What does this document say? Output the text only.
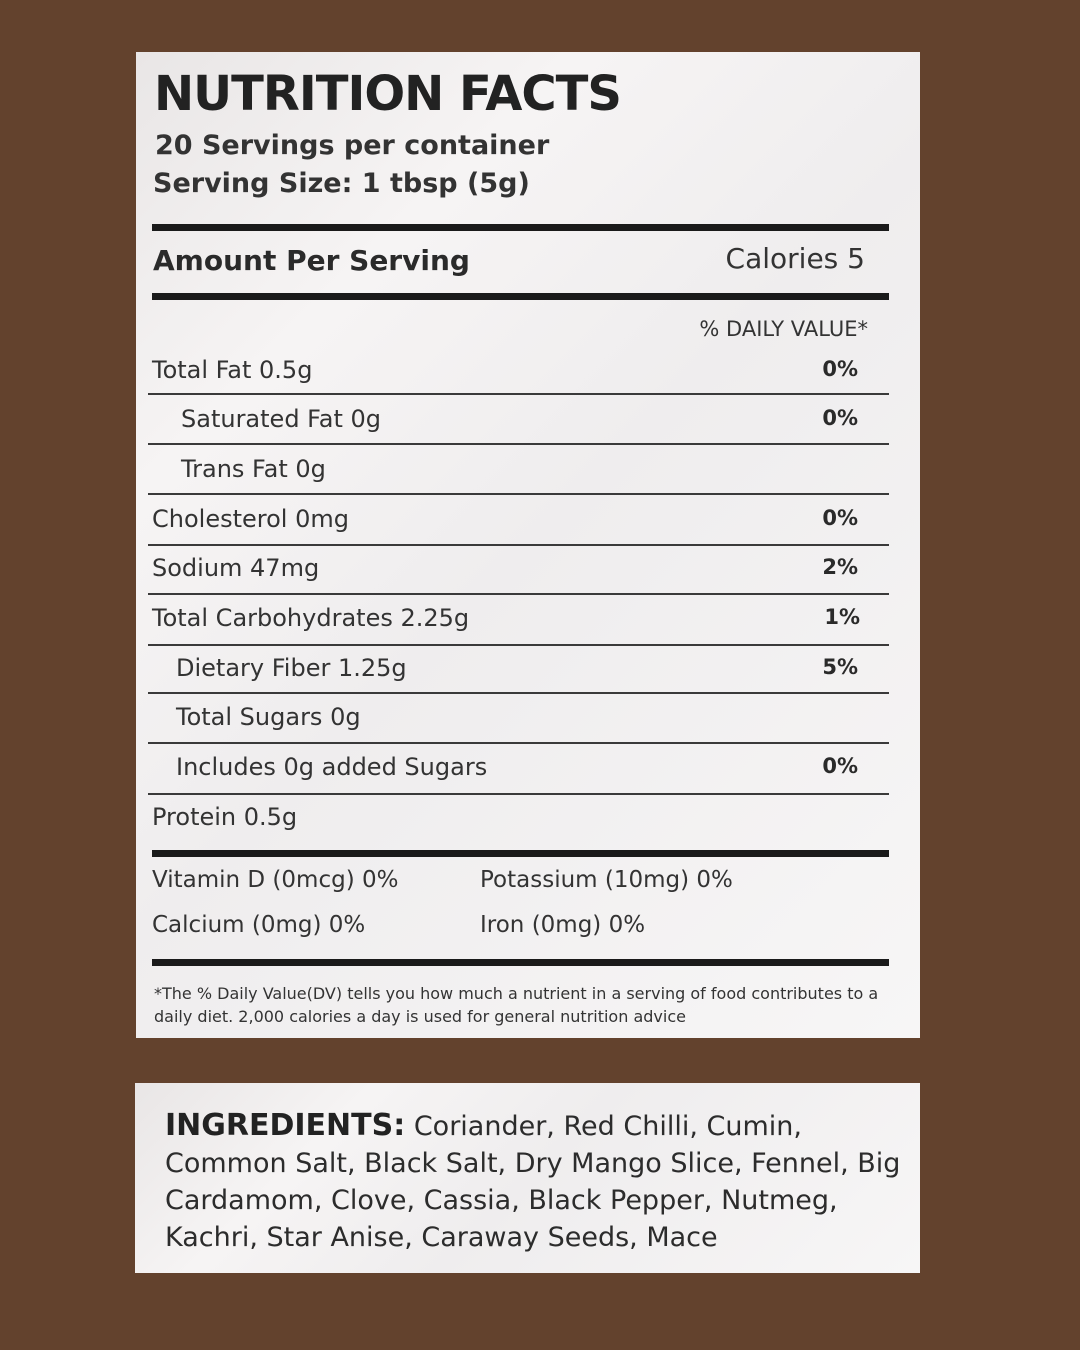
NUTRITION FACTS
20 Servings per container
Serving Size: 1 tbsp (5g)
Amount Per Serving	Calories 5
% DAILY VALUE*
Total Fat 0.5g	0%
Saturated Fat 0g	0%
Trans Fat 0g
Cholesterol 0mg	0%
Sodium 47mg	2%
Total Carbohydrates 2.25g	1%
Dietary Fiber 1.25g	5%
Total Sugars 0g
Includes 0g added Sugars	0%
Protein 0.5g
Vitamin D (0mcg) 0%	Potassium (10mg) 0%
Calcium (0mg) 0%	Iron (0mg) 0%
*The % Daily Value(DV) tells you how much a nutrient in a serving of food contributes to a daily diet. 2,000 calories a day is used for general nutrition advice
INGREDIENTS: Coriander, Red Chilli, Cumin, Common Salt, Black Salt, Dry Mango Slice, Fennel, Big Cardamom, Clove, Cassia, Black Pepper, Nutmeg, Kachri, Star Anise, Caraway Seeds, Mace
